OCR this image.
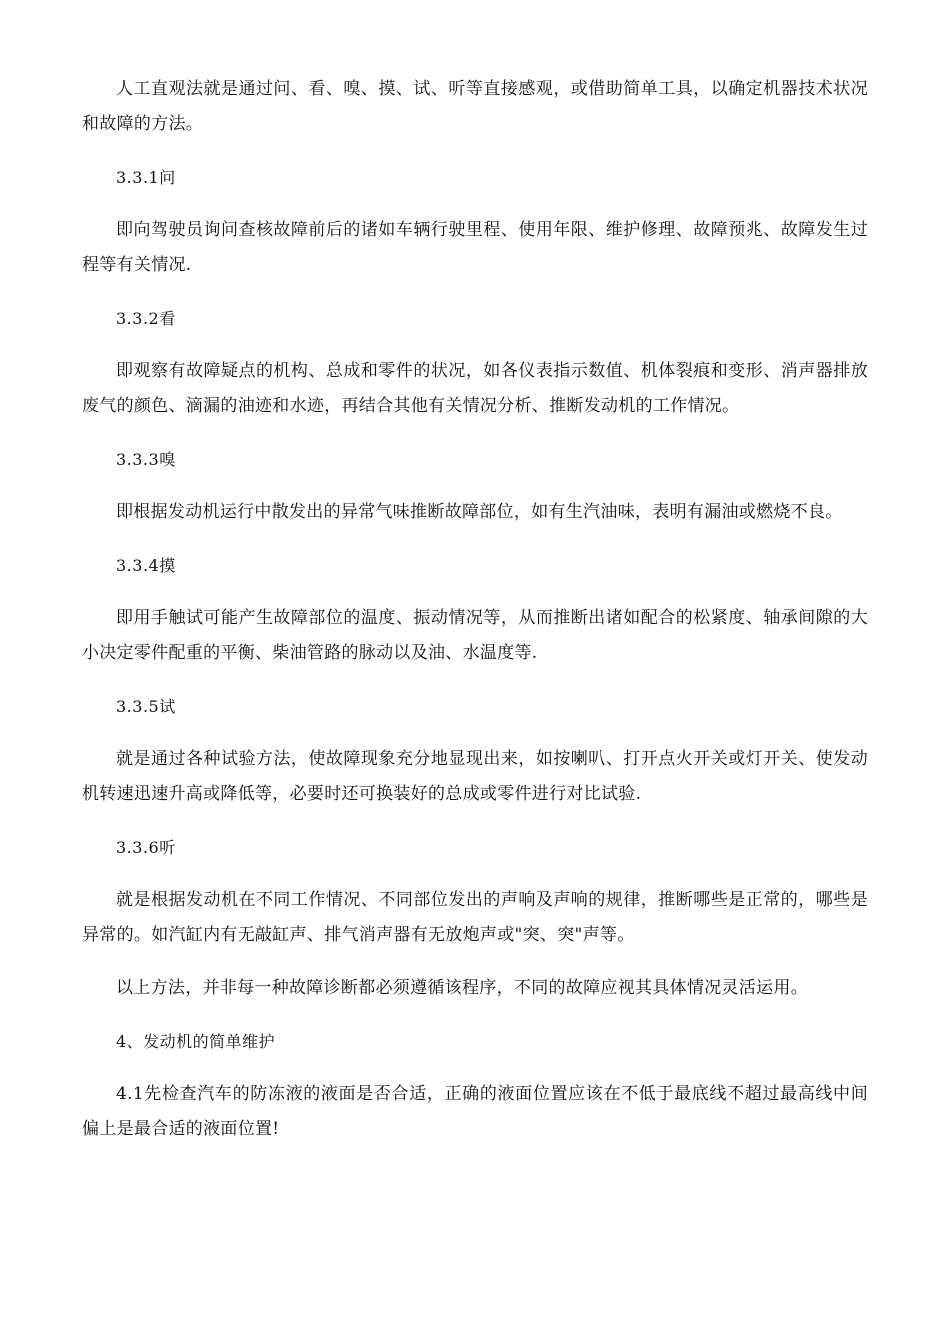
人工直观法就是通过问、看、嗅、摸、试、听等直接感观，或借助简单工具，以确定机器技术状况和故障的方法。

3.3.1问

即向驾驶员询问查核故障前后的诸如车辆行驶里程、使用年限、维护修理、故障预兆、故障发生过程等有关情况.

3.3.2看

即观察有故障疑点的机构、总成和零件的状况，如各仪表指示数值、机体裂痕和变形、消声器排放废气的颜色、滴漏的油迹和水迹，再结合其他有关情况分析、推断发动机的工作情况。

3.3.3嗅

即根据发动机运行中散发出的异常气味推断故障部位，如有生汽油味，表明有漏油或燃烧不良。

3.3.4摸

即用手触试可能产生故障部位的温度、振动情况等，从而推断出诸如配合的松紧度、轴承间隙的大小决定零件配重的平衡、柴油管路的脉动以及油、水温度等.

3.3.5试

就是通过各种试验方法，使故障现象充分地显现出来，如按喇叭、打开点火开关或灯开关、使发动机转速迅速升高或降低等，必要时还可换装好的总成或零件进行对比试验.

3.3.6听

就是根据发动机在不同工作情况、不同部位发出的声响及声响的规律，推断哪些是正常的，哪些是异常的。如汽缸内有无敲缸声、排气消声器有无放炮声或"突、突"声等。

以上方法，并非每一种故障诊断都必须遵循该程序，不同的故障应视其具体情况灵活运用。

4、发动机的简单维护

4.1先检查汽车的防冻液的液面是否合适，正确的液面位置应该在不低于最底线不超过最高线中间偏上是最合适的液面位置!
